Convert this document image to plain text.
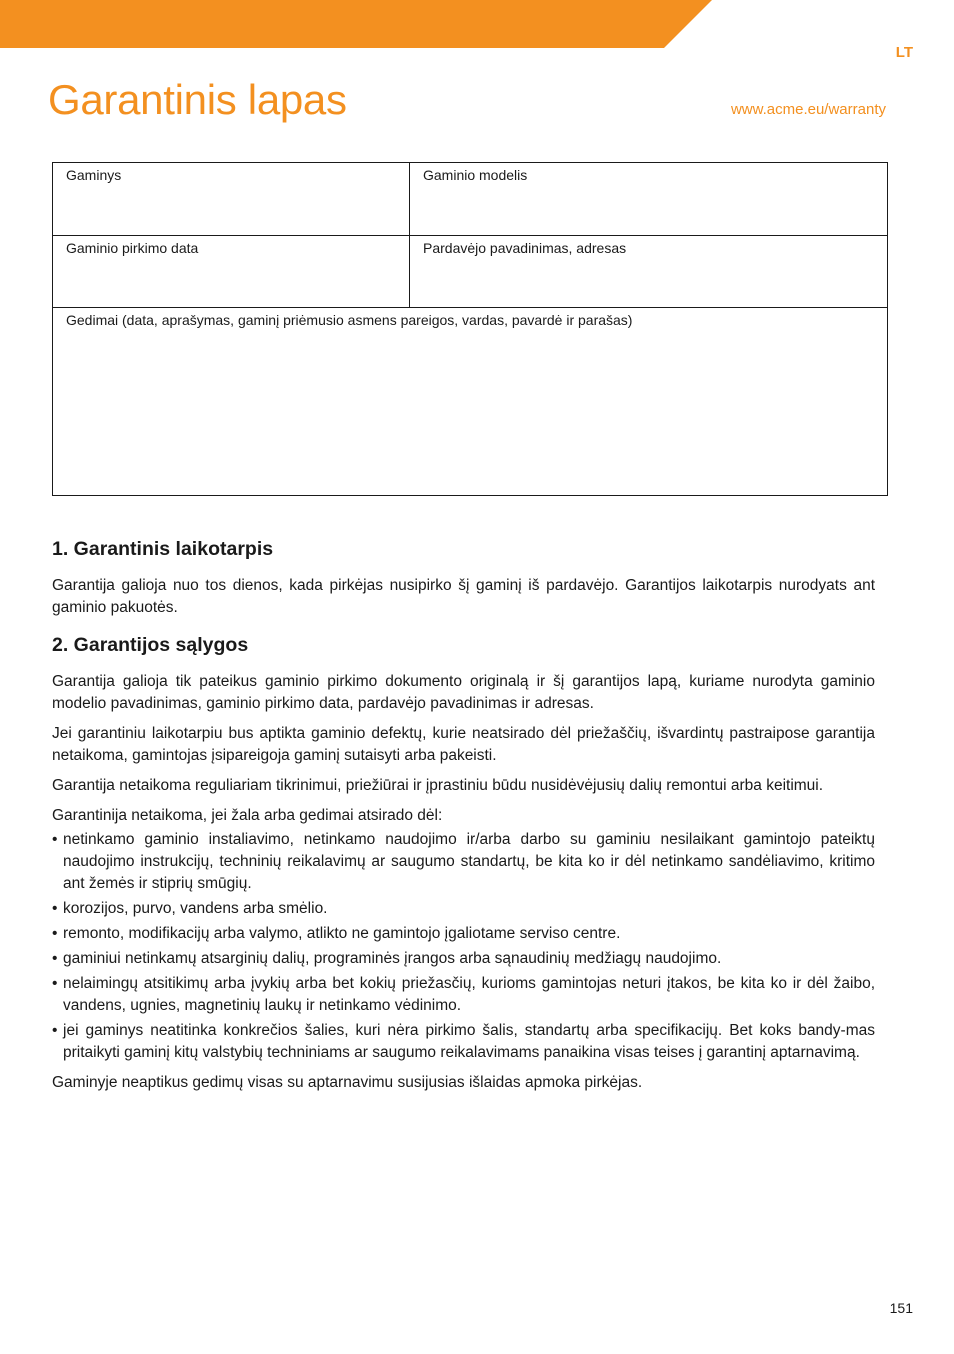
LT
Garantinis lapas	www.acme.eu/warranty
Gaminys	Gaminio modelis
Gaminio pirkimo data	Pardavėjo pavadinimas, adresas
Gedimai (data, aprašymas, gaminį priėmusio asmens pareigos, vardas, pavardė ir parašas)	
1. Garantinis laikotarpis

Garantija galioja nuo tos dienos, kada pirkėjas nusipirko šį gaminį iš pardavėjo. Garantijos laikotarpis nurodyats ant gaminio pakuotės.

2. Garantijos sąlygos

Garantija galioja tik pateikus gaminio pirkimo dokumento originalą ir šį garantijos lapą, kuriame nurodyta gaminio modelio pavadinimas, gaminio pirkimo data, pardavėjo pavadinimas ir adresas.

Jei garantiniu laikotarpiu bus aptikta gaminio defektų, kurie neatsirado dėl priežaščių, išvardintų pastraipose garantija netaikoma, gamintojas įsipareigoja gaminį sutaisyti arba pakeisti.

Garantija netaikoma reguliariam tikrinimui, priežiūrai ir įprastiniu būdu nusidėvėjusių dalių remontui arba keitimui.

Garantinija netaikoma, jei žala arba gedimai atsirado dėl:

• netinkamo gaminio instaliavimo, netinkamo naudojimo ir/arba darbo su gaminiu nesilaikant gamintojo pateiktų naudojimo instrukcijų, techninių reikalavimų ar saugumo standartų, be kita ko ir dėl netinkamo sandėliavimo, kritimo ant žemės ir stiprių smūgių.
• korozijos, purvo, vandens arba smėlio.
• remonto, modifikacijų arba valymo, atlikto ne gamintojo įgaliotame serviso centre.
• gaminiui netinkamų atsarginių dalių, programinės įrangos arba sąnaudinių medžiagų naudojimo.
• nelaimingų atsitikimų arba įvykių arba bet kokių priežasčių, kurioms gamintojas neturi įtakos, be kita ko ir dėl žaibo, vandens, ugnies, magnetinių laukų ir netinkamo vėdinimo.
• jei gaminys neatitinka konkrečios šalies, kuri nėra pirkimo šalis, standartų arba specifikacijų. Bet koks bandy-mas pritaikyti gaminį kitų valstybių techniniams ar saugumo reikalavimams panaikina visas teises į garantinį aptarnavimą.

Gaminyje neaptikus gedimų visas su aptarnavimu susijusias išlaidas apmoka pirkėjas.

151
